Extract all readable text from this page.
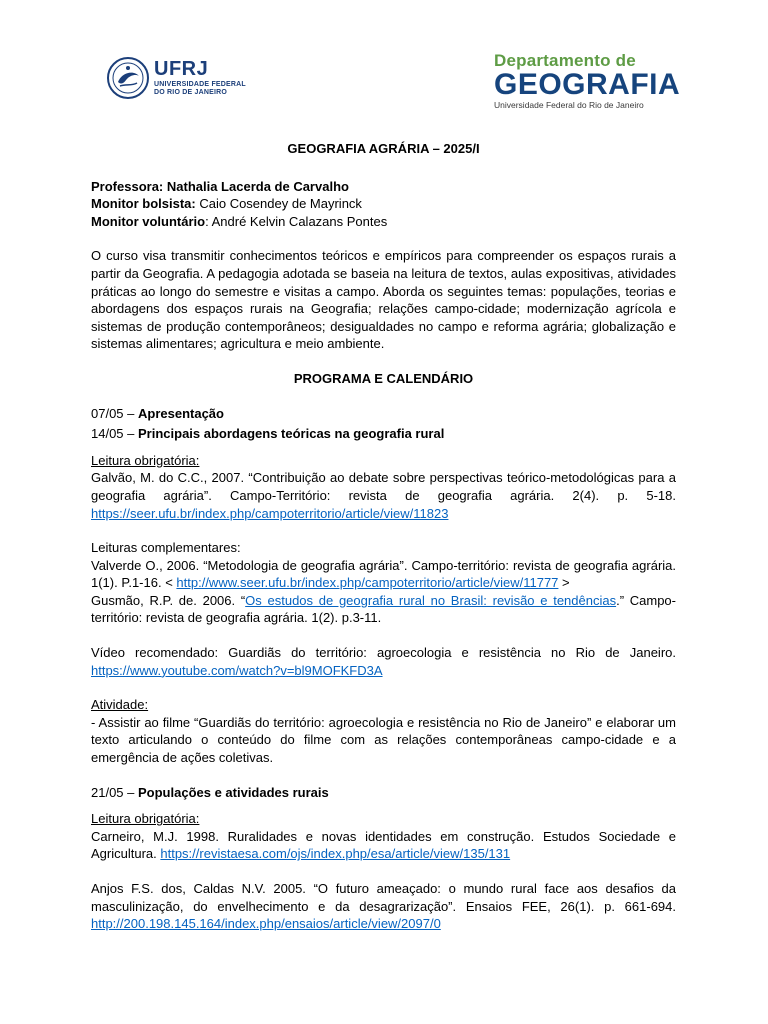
UFRJ
UNIVERSIDADE FEDERAL
DO RIO DE JANEIRO
Departamento de
GEOGRAFIA
Universidade Federal do Rio de Janeiro

GEOGRAFIA AGRÁRIA – 2025/I

Professora: Nathalia Lacerda de Carvalho

Monitor bolsista: Caio Cosendey de Mayrinck

Monitor voluntário: André Kelvin Calazans Pontes

O curso visa transmitir conhecimentos teóricos e empíricos para compreender os espaços rurais a partir da Geografia. A pedagogia adotada se baseia na leitura de textos, aulas expositivas, atividades práticas ao longo do semestre e visitas a campo. Aborda os seguintes temas: populações, teorias e abordagens dos espaços rurais na Geografia; relações campo-cidade; modernização agrícola e sistemas de produção contemporâneos; desigualdades no campo e reforma agrária; globalização e sistemas alimentares; agricultura e meio ambiente.

PROGRAMA E CALENDÁRIO

07/05 – Apresentação

14/05 – Principais abordagens teóricas na geografia rural

Leitura obrigatória:

Galvão, M. do C.C., 2007. “Contribuição ao debate sobre perspectivas teórico-metodológicas para a geografia agrária”. Campo-Território: revista de geografia agrária. 2(4). p. 5-18. https://seer.ufu.br/index.php/campoterritorio/article/view/11823

Leituras complementares:

Valverde O., 2006. “Metodologia de geografia agrária”. Campo-território: revista de geografia agrária. 1(1). P.1-16. < http://www.seer.ufu.br/index.php/campoterritorio/article/view/11777 >

Gusmão, R.P. de. 2006. “Os estudos de geografia rural no Brasil: revisão e tendências.” Campo-território: revista de geografia agrária. 1(2). p.3-11.

Vídeo recomendado: Guardiãs do território: agroecologia e resistência no Rio de Janeiro. https://www.youtube.com/watch?v=bl9MOFKFD3A

Atividade:

- Assistir ao filme “Guardiãs do território: agroecologia e resistência no Rio de Janeiro” e elaborar um texto articulando o conteúdo do filme com as relações contemporâneas campo-cidade e a emergência de ações coletivas.

21/05 – Populações e atividades rurais

Leitura obrigatória:

Carneiro, M.J. 1998. Ruralidades e novas identidades em construção. Estudos Sociedade e Agricultura. https://revistaesa.com/ojs/index.php/esa/article/view/135/131

Anjos F.S. dos, Caldas N.V. 2005. “O futuro ameaçado: o mundo rural face aos desafios da masculinização, do envelhecimento e da desagrarização”. Ensaios FEE, 26(1). p. 661-694. http://200.198.145.164/index.php/ensaios/article/view/2097/0
